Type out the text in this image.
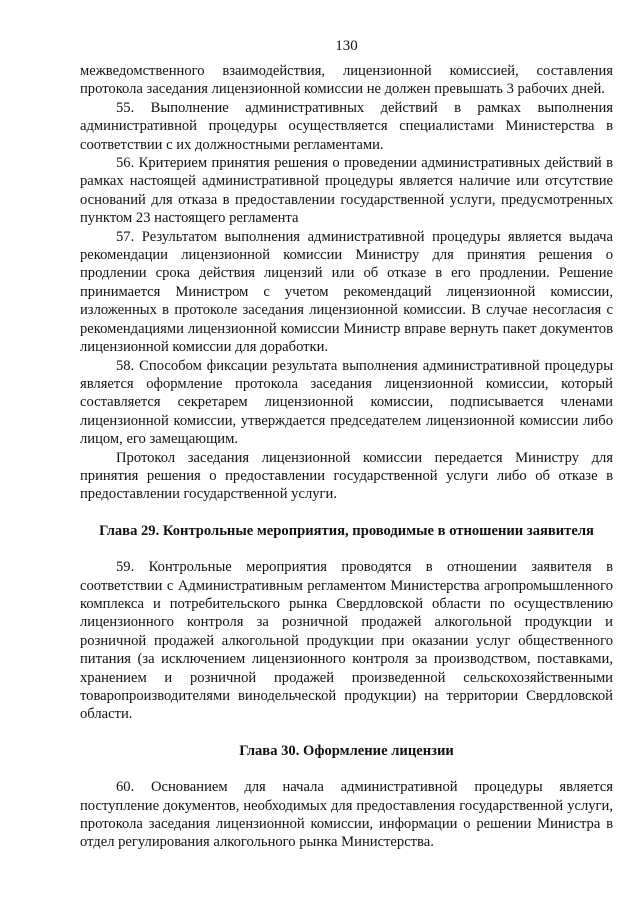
130

межведомственного взаимодействия, лицензионной комиссией, составления протокола заседания лицензионной комиссии не должен превышать 3 рабочих дней.

55. Выполнение административных действий в рамках выполнения административной процедуры осуществляется специалистами Министерства в соответствии с их должностными регламентами.

56. Критерием принятия решения о проведении административных действий в рамках настоящей административной процедуры является наличие или отсутствие оснований для отказа в предоставлении государственной услуги, предусмотренных пунктом 23 настоящего регламента

57. Результатом выполнения административной процедуры является выдача рекомендации лицензионной комиссии Министру для принятия решения о продлении срока действия лицензий или об отказе в его продлении. Решение принимается Министром с учетом рекомендаций лицензионной комиссии, изложенных в протоколе заседания лицензионной комиссии. В случае несогласия с рекомендациями лицензионной комиссии Министр вправе вернуть пакет документов лицензионной комиссии для доработки.

58. Способом фиксации результата выполнения административной процедуры является оформление протокола заседания лицензионной комиссии, который составляется секретарем лицензионной комиссии, подписывается членами лицензионной комиссии, утверждается председателем лицензионной комиссии либо лицом, его замещающим.

Протокол заседания лицензионной комиссии передается Министру для принятия решения о предоставлении государственной услуги либо об отказе в предоставлении государственной услуги.

Глава 29. Контрольные мероприятия, проводимые в отношении заявителя

59. Контрольные мероприятия проводятся в отношении заявителя в соответствии с Административным регламентом Министерства агропромышленного комплекса и потребительского рынка Свердловской области по осуществлению лицензионного контроля за розничной продажей алкогольной продукции и розничной продажей алкогольной продукции при оказании услуг общественного питания (за исключением лицензионного контроля за производством, поставками, хранением и розничной продажей произведенной сельскохозяйственными товаропроизводителями винодельческой продукции) на территории Свердловской области.

Глава 30. Оформление лицензии

60. Основанием для начала административной процедуры является поступление документов, необходимых для предоставления государственной услуги, протокола заседания лицензионной комиссии, информации о решении Министра в отдел регулирования алкогольного рынка Министерства.
